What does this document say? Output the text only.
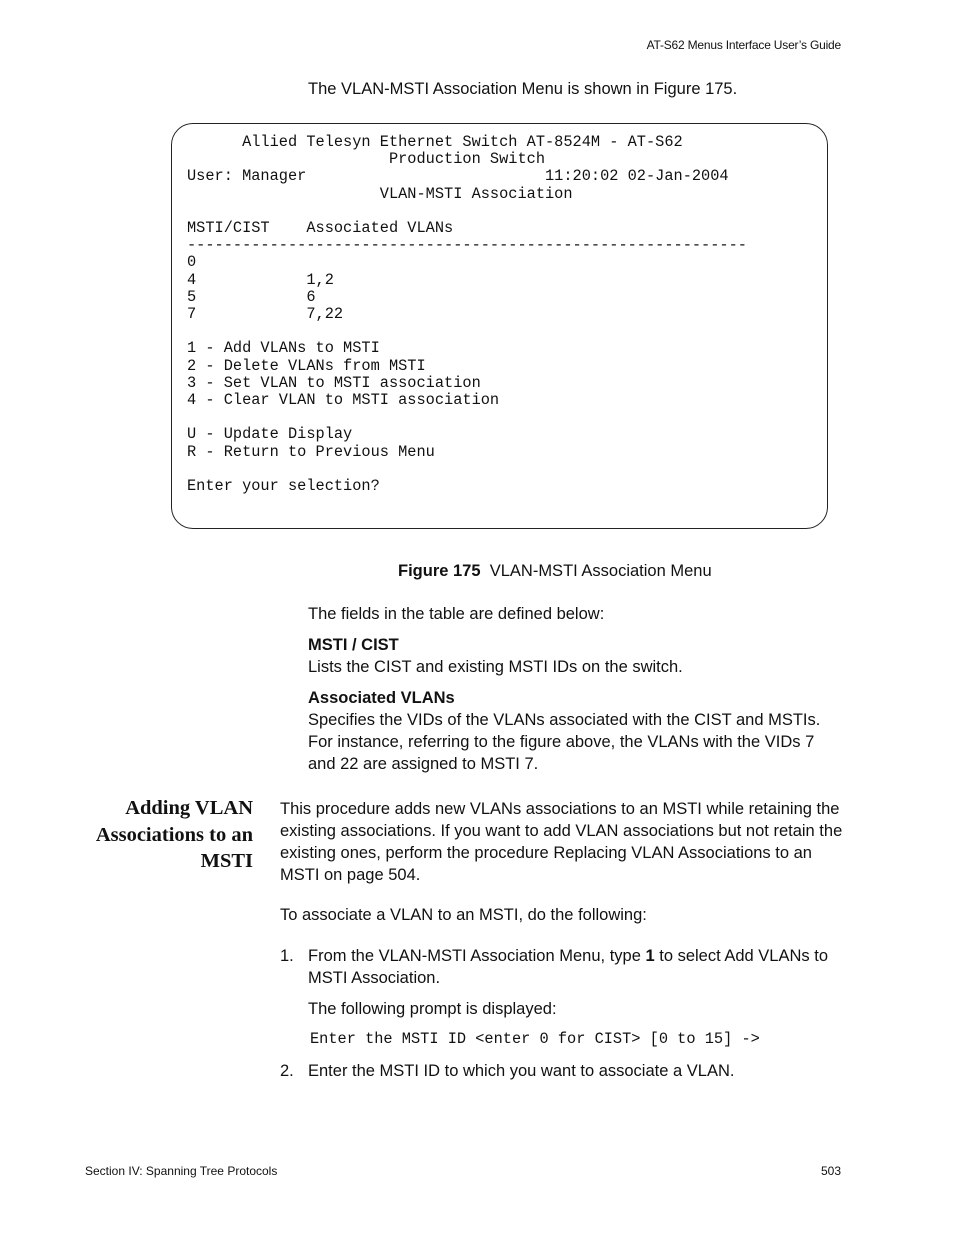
AT-S62 Menus Interface User’s Guide
The VLAN-MSTI Association Menu is shown in Figure 175.
Allied Telesyn Ethernet Switch AT-8524M - AT-S62
Production Switch
User: Manager                          11:20:02 02-Jan-2004
VLAN-MSTI Association

MSTI/CIST    Associated VLANs
-------------------------------------------------------------
0
4            1,2
5            6
7            7,22

1 - Add VLANs to MSTI
2 - Delete VLANs from MSTI
3 - Set VLAN to MSTI association
4 - Clear VLAN to MSTI association

U - Update Display
R - Return to Previous Menu

Enter your selection?
Figure 175 VLAN-MSTI Association Menu
The fields in the table are defined below:
MSTI / CIST
Lists the CIST and existing MSTI IDs on the switch.
Associated VLANs
Specifies the VIDs of the VLANs associated with the CIST and MSTIs. For instance, referring to the figure above, the VLANs with the VIDs 7 and 22 are assigned to MSTI 7.
Adding VLAN
Associations to an
MSTI
This procedure adds new VLANs associations to an MSTI while retaining the existing associations. If you want to add VLAN associations but not retain the existing ones, perform the procedure Replacing VLAN Associations to an MSTI on page 504.
To associate a VLAN to an MSTI, do the following:
1. From the VLAN-MSTI Association Menu, type 1 to select Add VLANs to MSTI Association.
The following prompt is displayed:
Enter the MSTI ID <enter 0 for CIST> [0 to 15] ->
2. Enter the MSTI ID to which you want to associate a VLAN.
Section IV: Spanning Tree Protocols	503
